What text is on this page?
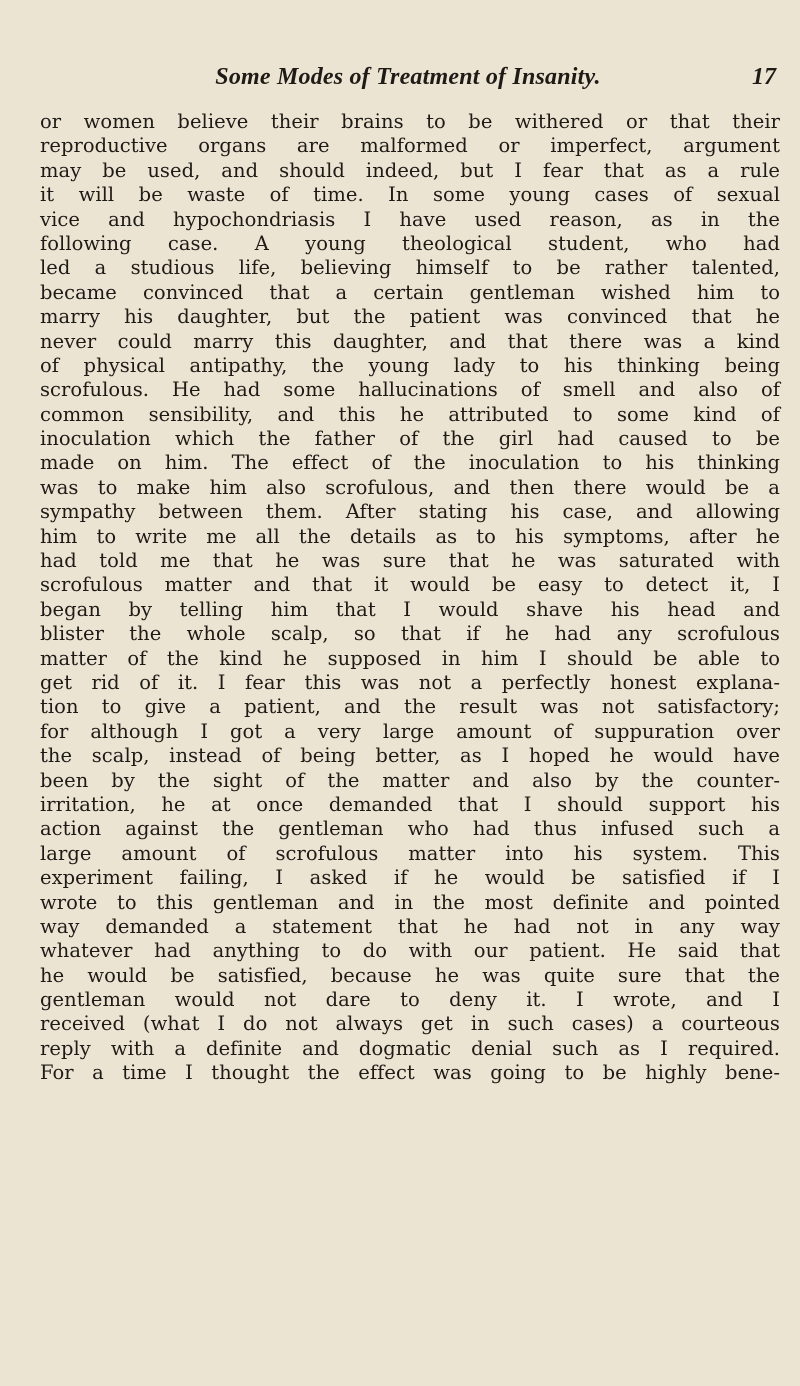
Some Modes of Treatment of Insanity.	17
or women believe their brains to be withered or that their
reproductive organs are malformed or imperfect, argument
may be used, and should indeed, but I fear that as a rule
it will be waste of time. In some young cases of sexual
vice and hypochondriasis I have used reason, as in the
following case. A young theological student, who had
led a studious life, believing himself to be rather talented,
became convinced that a certain gentleman wished him to
marry his daughter, but the patient was convinced that he
never could marry this daughter, and that there was a kind
of physical antipathy, the young lady to his thinking being
scrofulous. He had some hallucinations of smell and also of
common sensibility, and this he attributed to some kind of
inoculation which the father of the girl had caused to be
made on him. The effect of the inoculation to his thinking
was to make him also scrofulous, and then there would be a
sympathy between them. After stating his case, and allowing
him to write me all the details as to his symptoms, after he
had told me that he was sure that he was saturated with
scrofulous matter and that it would be easy to detect it, I
began by telling him that I would shave his head and
blister the whole scalp, so that if he had any scrofulous
matter of the kind he supposed in him I should be able to
get rid of it. I fear this was not a perfectly honest explana-
tion to give a patient, and the result was not satisfactory;
for although I got a very large amount of suppuration over
the scalp, instead of being better, as I hoped he would have
been by the sight of the matter and also by the counter-
irritation, he at once demanded that I should support his
action against the gentleman who had thus infused such a
large amount of scrofulous matter into his system. This
experiment failing, I asked if he would be satisfied if I
wrote to this gentleman and in the most definite and pointed
way demanded a statement that he had not in any way
whatever had anything to do with our patient. He said that
he would be satisfied, because he was quite sure that the
gentleman would not dare to deny it. I wrote, and I
received (what I do not always get in such cases) a courteous
reply with a definite and dogmatic denial such as I required.
For a time I thought the effect was going to be highly bene-
